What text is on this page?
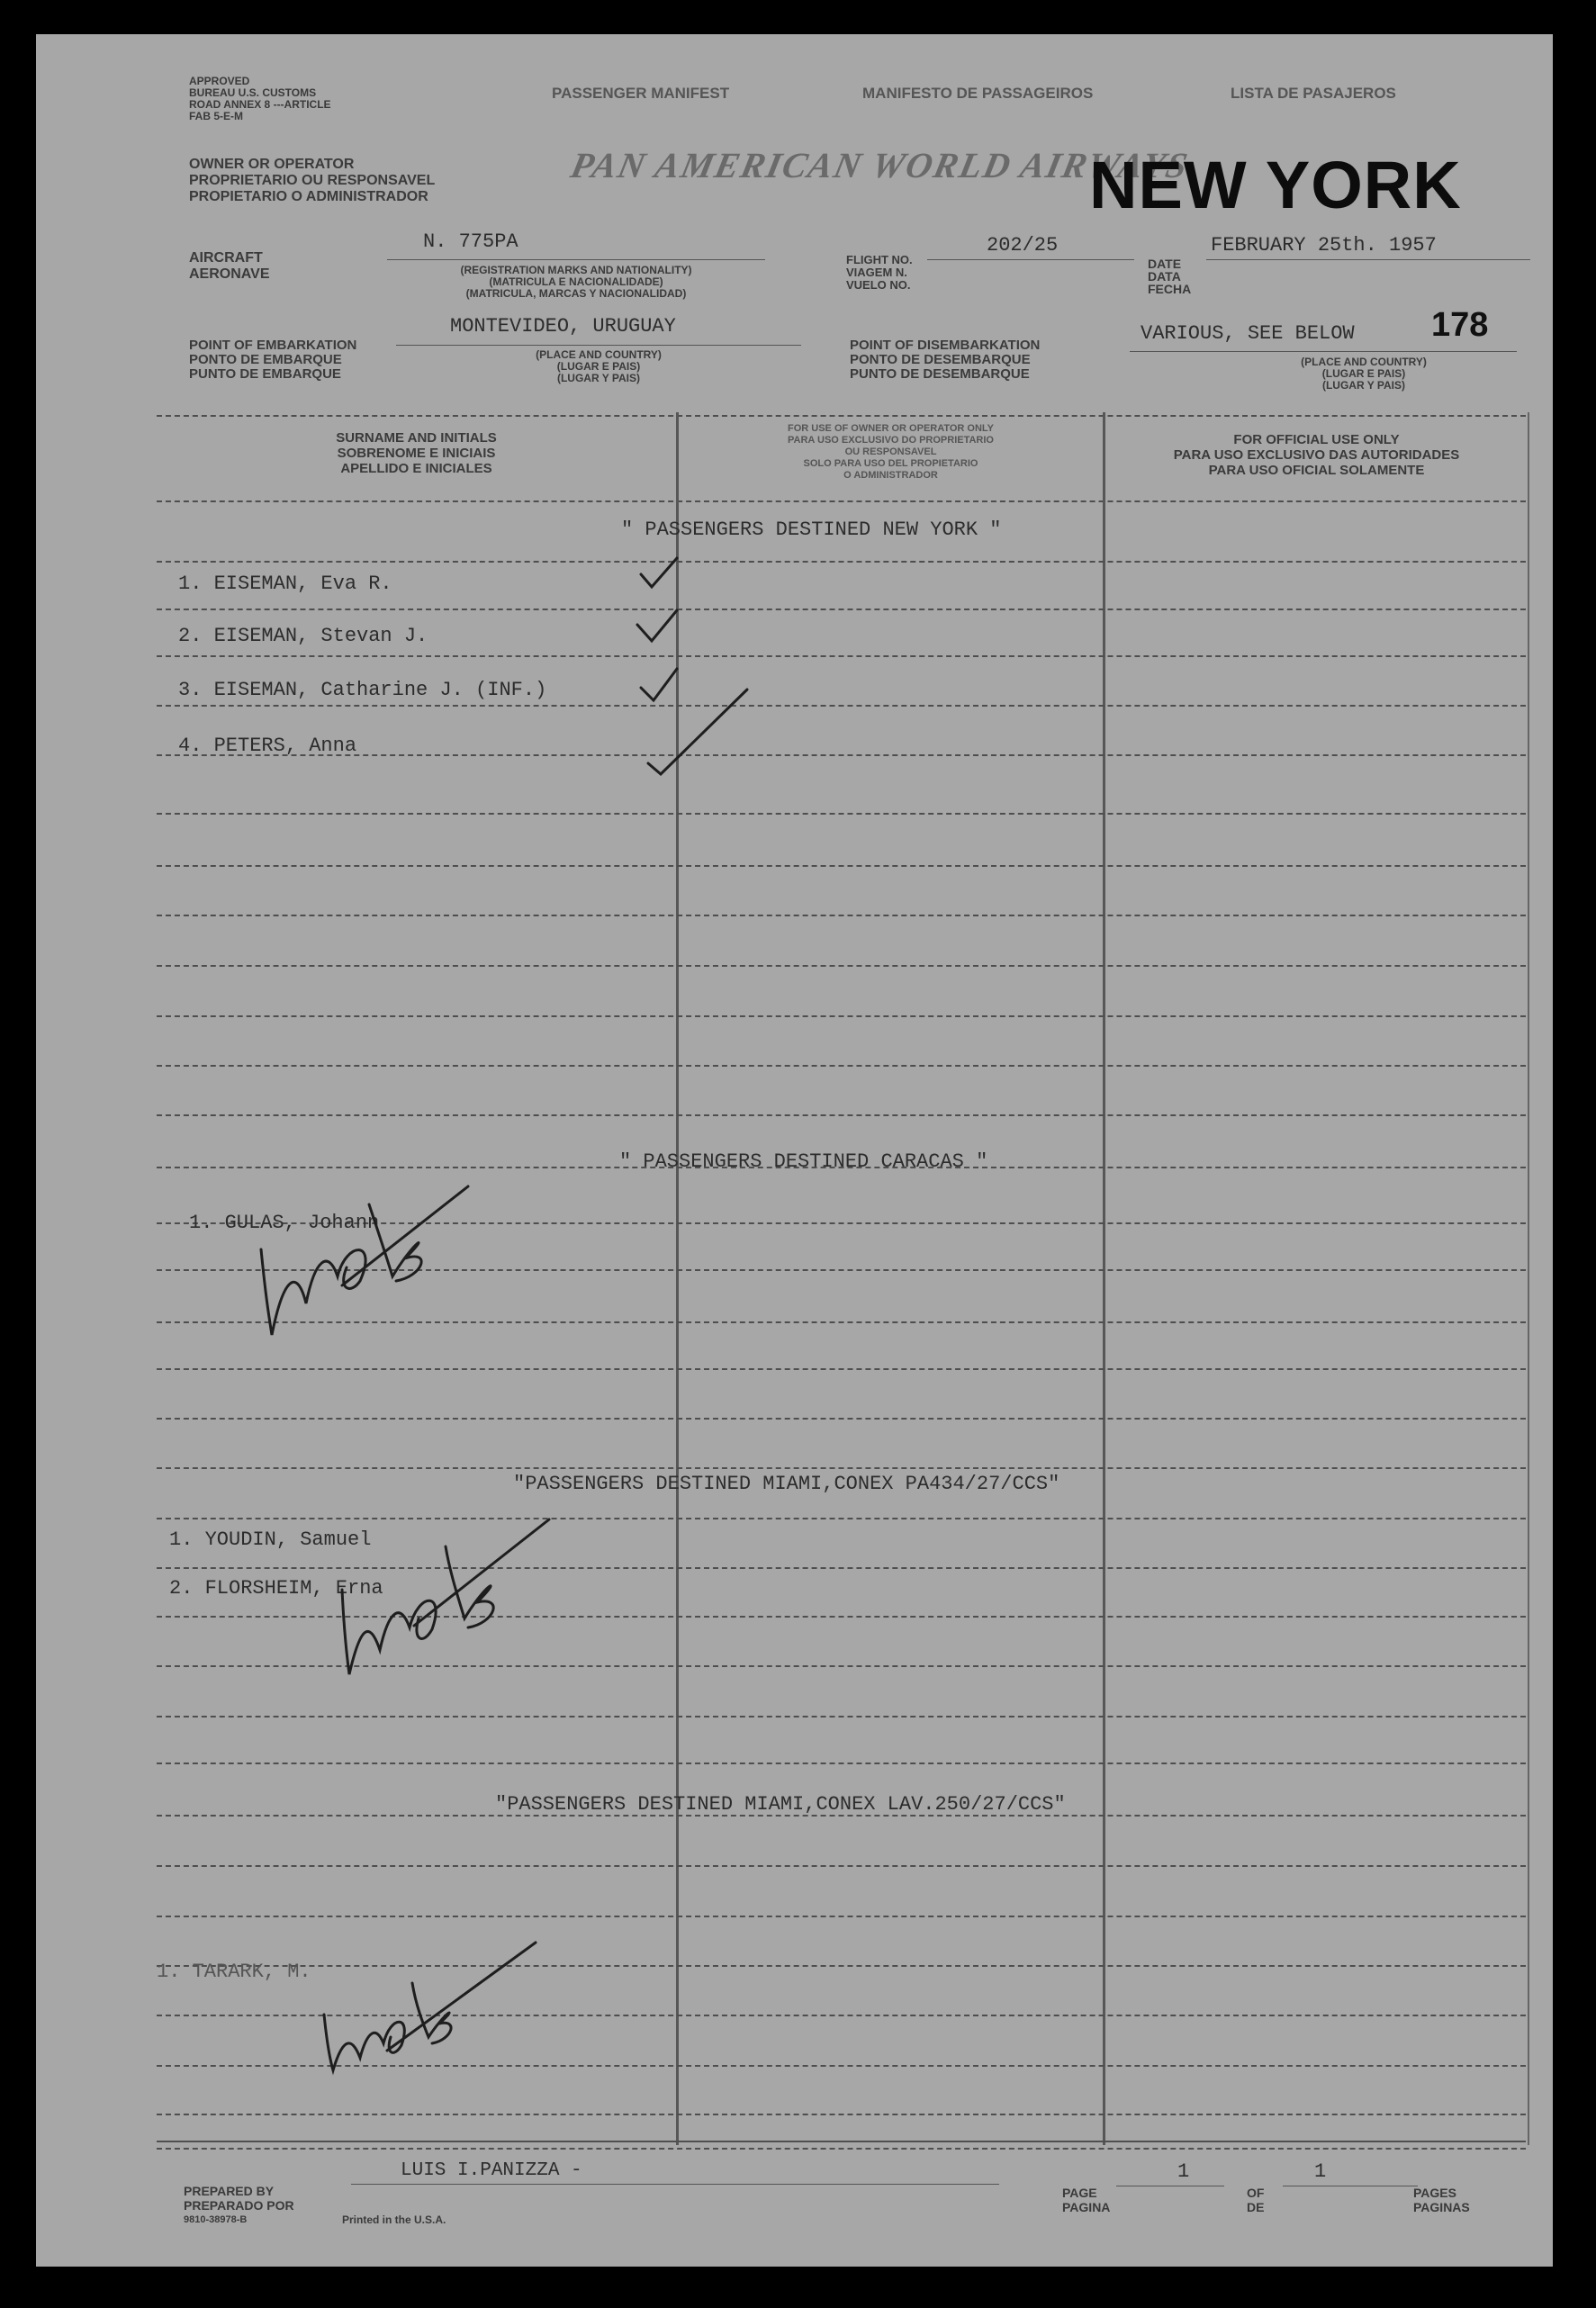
APPROVED
BUREAU U.S. CUSTOMS
ROAD ANNEX 8 ---ARTICLE
FAB 5-E-M
PASSENGER MANIFEST	MANIFESTO DE PASSAGEIROS	LISTA DE PASAJEROS
OWNER OR OPERATOR
PROPRIETARIO OU RESPONSAVEL
PROPIETARIO O ADMINISTRADOR
PAN AMERICAN WORLD AIRWAYS
NEW YORK
AIRCRAFT
AERONAVE
N. 775PA
(REGISTRATION MARKS AND NATIONALITY)
(MATRICULA E NACIONALIDADE)
(MATRICULA, MARCAS Y NACIONALIDAD)
FLIGHT NO.
VIAGEM N.
VUELO NO.
202/25
DATE
DATA
FECHA
FEBRUARY 25th. 1957
POINT OF EMBARKATION
PONTO DE EMBARQUE
PUNTO DE EMBARQUE
MONTEVIDEO, URUGUAY
(PLACE AND COUNTRY)
(LUGAR E PAIS)
(LUGAR Y PAIS)
POINT OF DISEMBARKATION
PONTO DE DESEMBARQUE
PUNTO DE DESEMBARQUE
VARIOUS, SEE BELOW 178
(PLACE AND COUNTRY)
(LUGAR E PAIS)
(LUGAR Y PAIS)
SURNAME AND INITIALS
SOBRENOME E INICIAIS
APELLIDO E INICIALES
FOR USE OF OWNER OR OPERATOR ONLY
PARA USO EXCLUSIVO DO PROPRIETARIO
OU RESPONSAVEL
SOLO PARA USO DEL PROPIETARIO
O ADMINISTRADOR
FOR OFFICIAL USE ONLY
PARA USO EXCLUSIVO DAS AUTORIDADES
PARA USO OFICIAL SOLAMENTE
" PASSENGERS DESTINED NEW YORK "
1. EISEMAN, Eva R.
2. EISEMAN, Stevan J.
3. EISEMAN, Catharine J. (INF.)
4. PETERS, Anna
" PASSENGERS DESTINED CARACAS "
1. GULAS, Johann
"PASSENGERS DESTINED MIAMI,CONEX PA434/27/CCS"
1. YOUDIN, Samuel
2. FLORSHEIM, Erna
"PASSENGERS DESTINED MIAMI,CONEX LAV.250/27/CCS"
1. TARARK, M.
LUIS I.PANIZZA -
PREPARED BY
PREPARADO POR
9810-38978-B	Printed in the U.S.A.
PAGE
PAGINA
1
OF
DE
1
PAGES
PAGINAS
